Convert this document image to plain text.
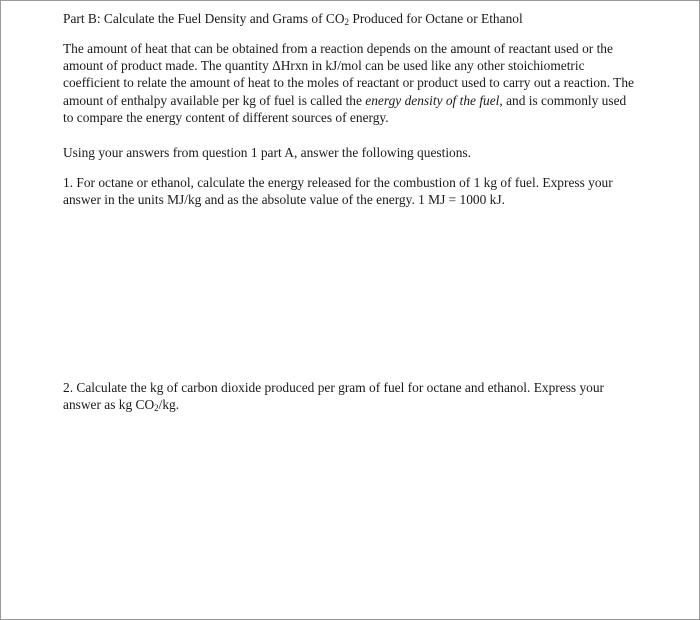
Part B: Calculate the Fuel Density and Grams of $CO_2$ Produced for Octane or Ethanol

The amount of heat that can be obtained from a reaction depends on the amount of reactant used or the amount of product made. The quantity ΔHrxn in kJ/mol can be used like any other stoichiometric coefficient to relate the amount of heat to the moles of reactant or product used to carry out a reaction. The amount of enthalpy available per kg of fuel is called the energy density of the fuel, and is commonly used to compare the energy content of different sources of energy.

Using your answers from question 1 part A, answer the following questions.

1. For octane or ethanol, calculate the energy released for the combustion of 1 kg of fuel. Express your answer in the units MJ/kg and as the absolute value of the energy. 1 MJ = 1000 kJ.

2. Calculate the kg of carbon dioxide produced per gram of fuel for octane and ethanol. Express your answer as kg $CO_2/kg$.
